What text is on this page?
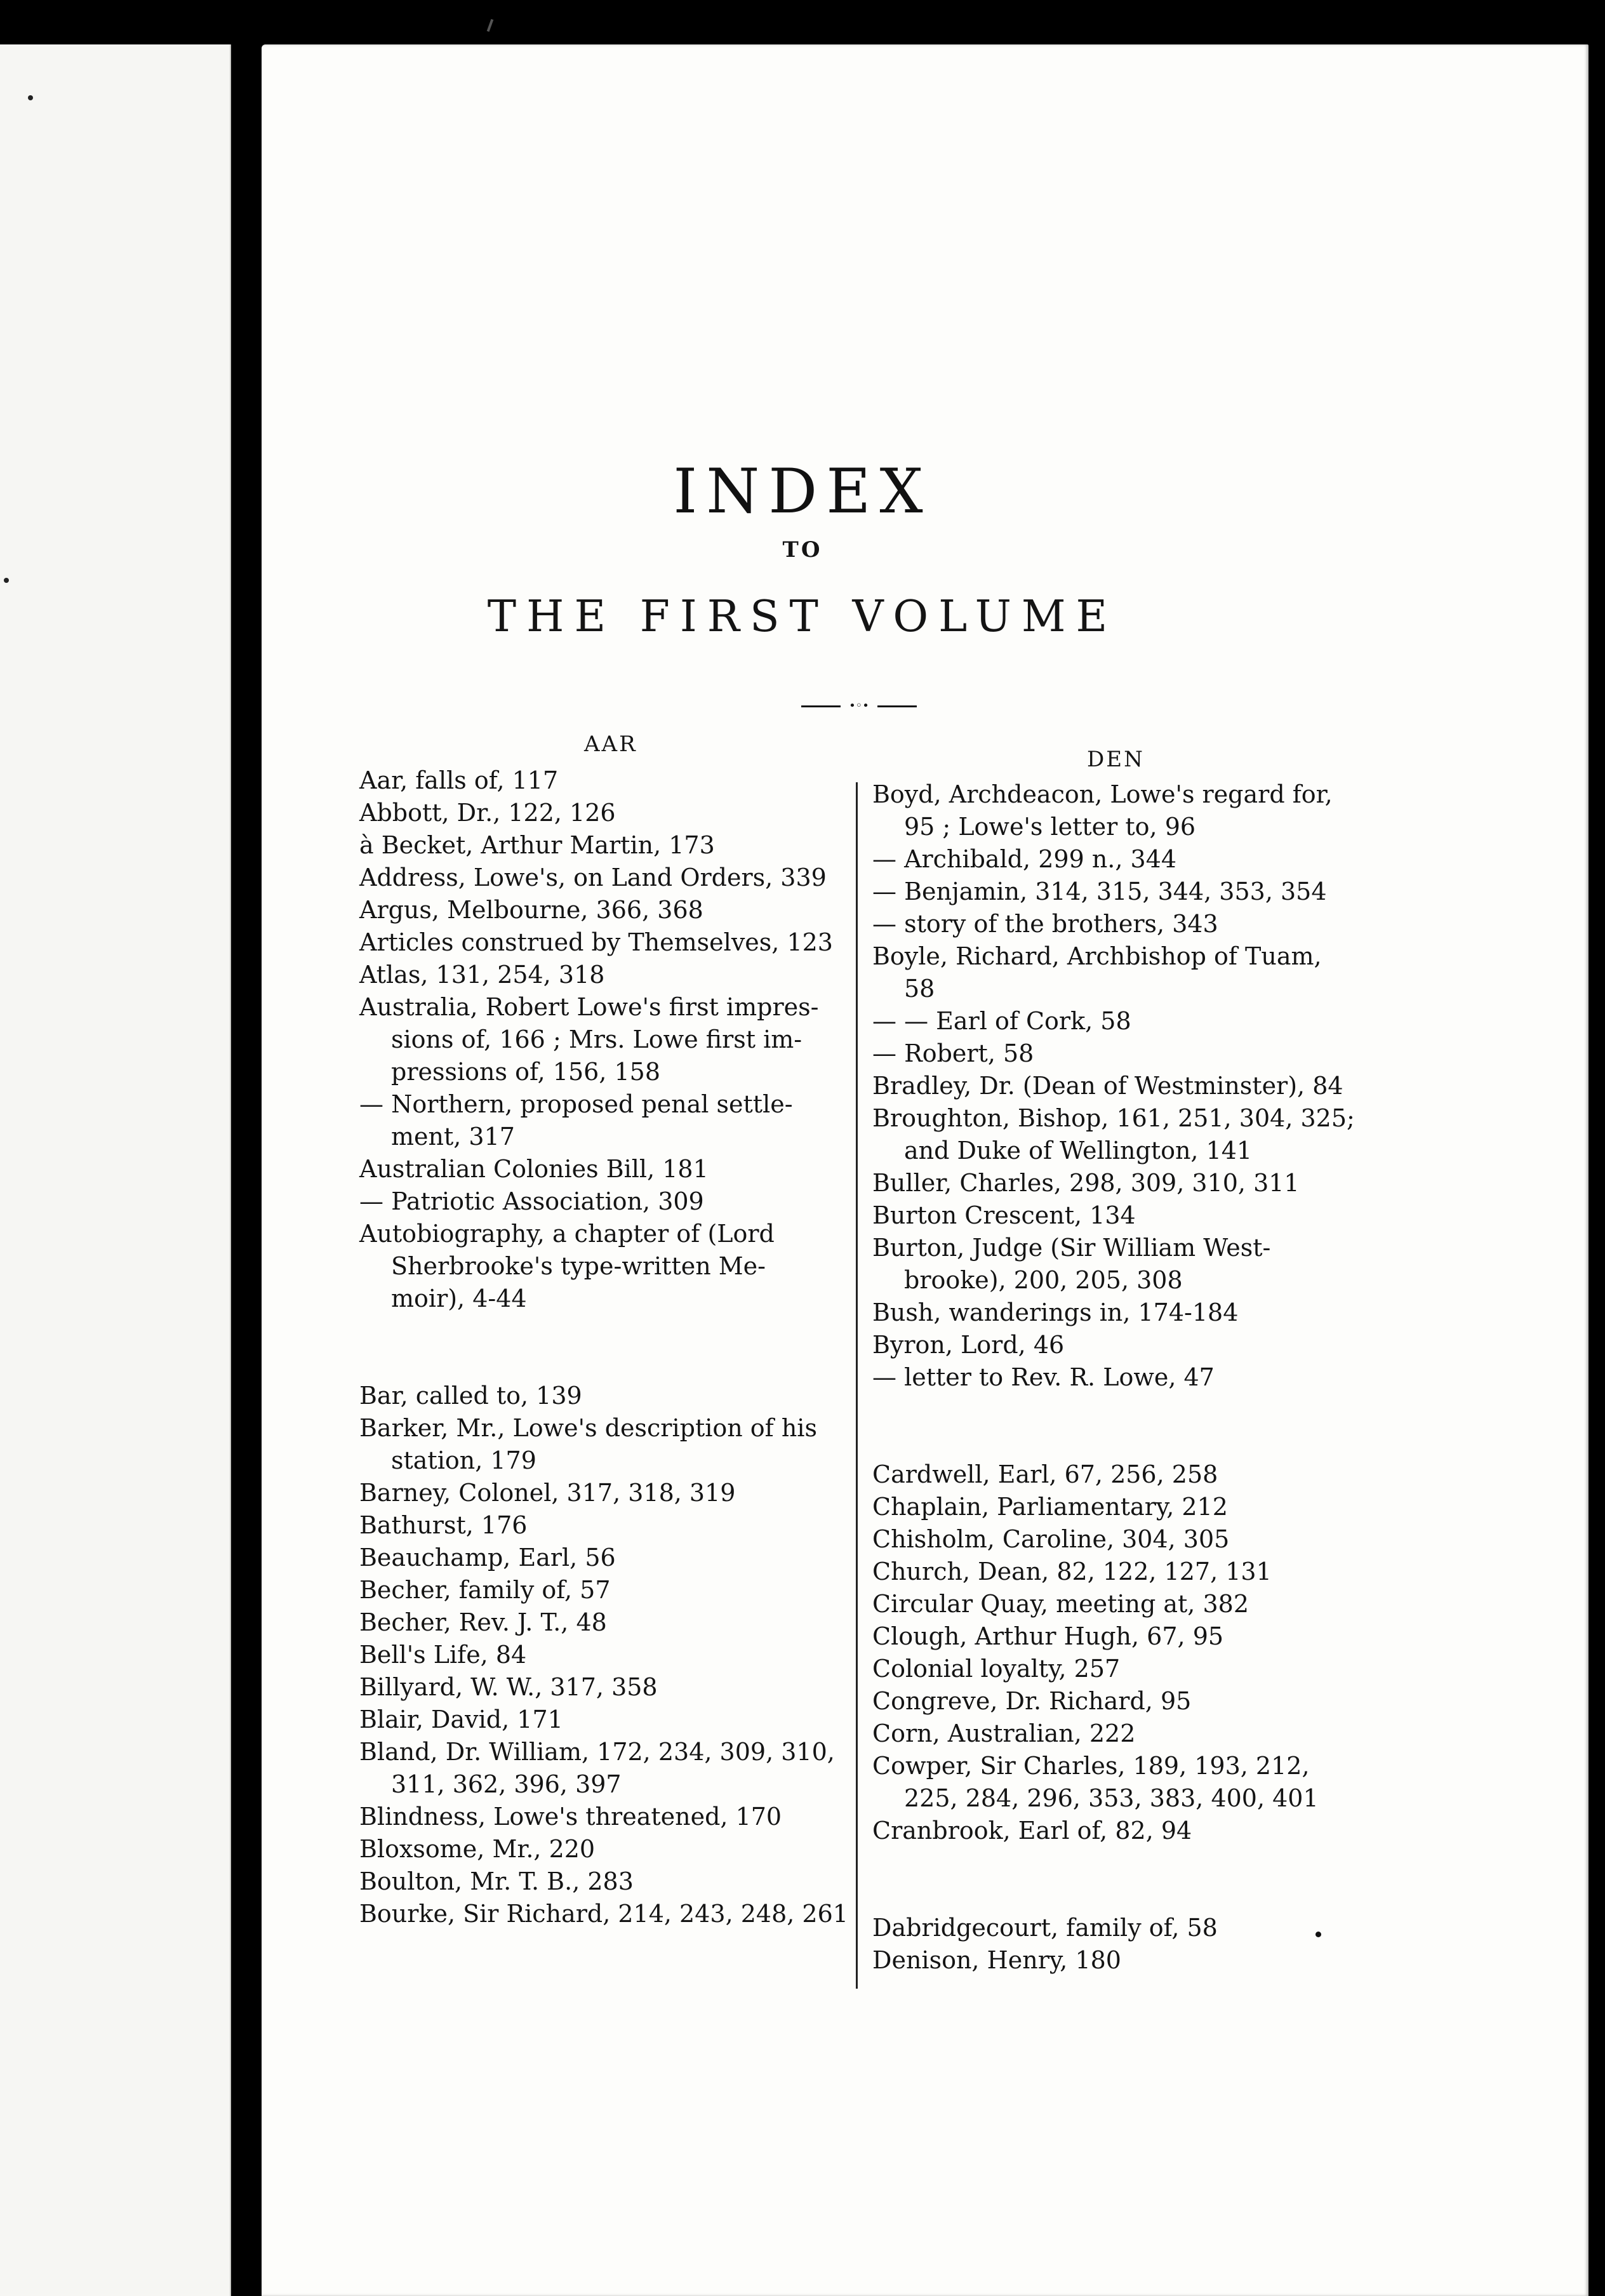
INDEX
TO
THE FIRST VOLUME
•◦•
AAR
DEN
Aar, falls of, 117
Abbott, Dr., 122, 126
à Becket, Arthur Martin, 173
Address, Lowe's, on Land Orders, 339
Argus, Melbourne, 366, 368
Articles construed by Themselves, 123
Atlas, 131, 254, 318
Australia, Robert Lowe's first impres-
sions of, 166 ; Mrs. Lowe first im-
pressions of, 156, 158
— Northern, proposed penal settle-
ment, 317
Australian Colonies Bill, 181
— Patriotic Association, 309
Autobiography, a chapter of (Lord
Sherbrooke's type-written Me-
moir), 4-44
Bar, called to, 139
Barker, Mr., Lowe's description of his
station, 179
Barney, Colonel, 317, 318, 319
Bathurst, 176
Beauchamp, Earl, 56
Becher, family of, 57
Becher, Rev. J. T., 48
Bell's Life, 84
Billyard, W. W., 317, 358
Blair, David, 171
Bland, Dr. William, 172, 234, 309, 310,
311, 362, 396, 397
Blindness, Lowe's threatened, 170
Bloxsome, Mr., 220
Boulton, Mr. T. B., 283
Bourke, Sir Richard, 214, 243, 248, 261
Boyd, Archdeacon, Lowe's regard for,
95 ; Lowe's letter to, 96
— Archibald, 299 n., 344
— Benjamin, 314, 315, 344, 353, 354
— story of the brothers, 343
Boyle, Richard, Archbishop of Tuam,
58
— — Earl of Cork, 58
— Robert, 58
Bradley, Dr. (Dean of Westminster), 84
Broughton, Bishop, 161, 251, 304, 325;
and Duke of Wellington, 141
Buller, Charles, 298, 309, 310, 311
Burton Crescent, 134
Burton, Judge (Sir William West-
brooke), 200, 205, 308
Bush, wanderings in, 174-184
Byron, Lord, 46
— letter to Rev. R. Lowe, 47
Cardwell, Earl, 67, 256, 258
Chaplain, Parliamentary, 212
Chisholm, Caroline, 304, 305
Church, Dean, 82, 122, 127, 131
Circular Quay, meeting at, 382
Clough, Arthur Hugh, 67, 95
Colonial loyalty, 257
Congreve, Dr. Richard, 95
Corn, Australian, 222
Cowper, Sir Charles, 189, 193, 212,
225, 284, 296, 353, 383, 400, 401
Cranbrook, Earl of, 82, 94
Dabridgecourt, family of, 58
Denison, Henry, 180
